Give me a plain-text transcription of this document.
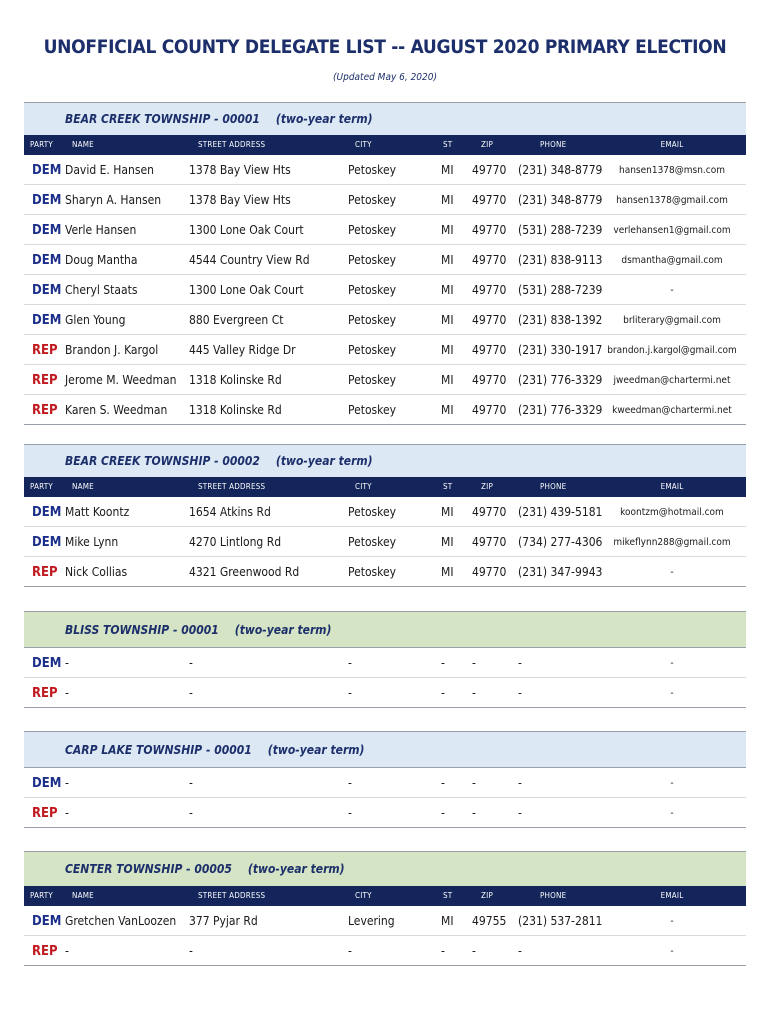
UNOFFICIAL COUNTY DELEGATE LIST -- AUGUST 2020 PRIMARY ELECTION
(Updated May 6, 2020)
BEAR CREEK TOWNSHIP - 00001 (two-year term)
PARTY NAME	STREET ADDRESS	CITY	ST	ZIP	PHONE	EMAIL
DEM David E. Hansen	1378 Bay View Hts	Petoskey	MI 49770 (231) 348-8779	hansen1378@msn.com
DEM Sharyn A. Hansen 1378 Bay View Hts	Petoskey	MI 49770 (231) 348-8779	hansen1378@gmail.com
DEM Verle Hansen	1300 Lone Oak Court	Petoskey	MI 49770 (531) 288-7239	verlehansen1@gmail.com
DEM Doug Mantha	4544 Country View Rd	Petoskey	MI 49770 (231) 838-9113	dsmantha@gmail.com
DEM Cheryl Staats	1300 Lone Oak Court	Petoskey	MI 49770 (531) 288-7239	-
DEM Glen Young	880 Evergreen Ct	Petoskey	MI 49770 (231) 838-1392	brliterary@gmail.com
REP Brandon J. Kargol	445 Valley Ridge Dr	Petoskey	MI 49770 (231) 330-1917 brandon.j.kargol@gmail.com
REP Jerome M. Weedman 1318 Kolinske Rd	Petoskey	MI 49770 (231) 776-3329	jweedman@chartermi.net
REP Karen S. Weedman 1318 Kolinske Rd	Petoskey	MI 49770 (231) 776-3329 kweedman@chartermi.net
BEAR CREEK TOWNSHIP - 00002 (two-year term)
PARTY NAME	STREET ADDRESS	CITY	ST	ZIP	PHONE	EMAIL
DEM Matt Koontz	1654 Atkins Rd	Petoskey	MI 49770 (231) 439-5181	koontzm@hotmail.com
DEM Mike Lynn	4270 Lintlong Rd	Petoskey	MI 49770 (734) 277-4306	mikeflynn288@gmail.com
REP Nick Collias	4321 Greenwood Rd	Petoskey	MI 49770 (231) 347-9943	-
BLISS TOWNSHIP - 00001 (two-year term)
DEM -	-	-	- -	-	-
REP -	-	-	- -	-	-
CARP LAKE TOWNSHIP - 00001 (two-year term)
DEM -	-	-	- -	-	-
REP -	-	-	- -	-	-
CENTER TOWNSHIP - 00005 (two-year term)
PARTY NAME	STREET ADDRESS	CITY	ST	ZIP	PHONE	EMAIL
DEM Gretchen VanLoozen 377 Pyjar Rd	Levering	MI 49755 (231) 537-2811	-
REP -	-	-	- -	-	-
